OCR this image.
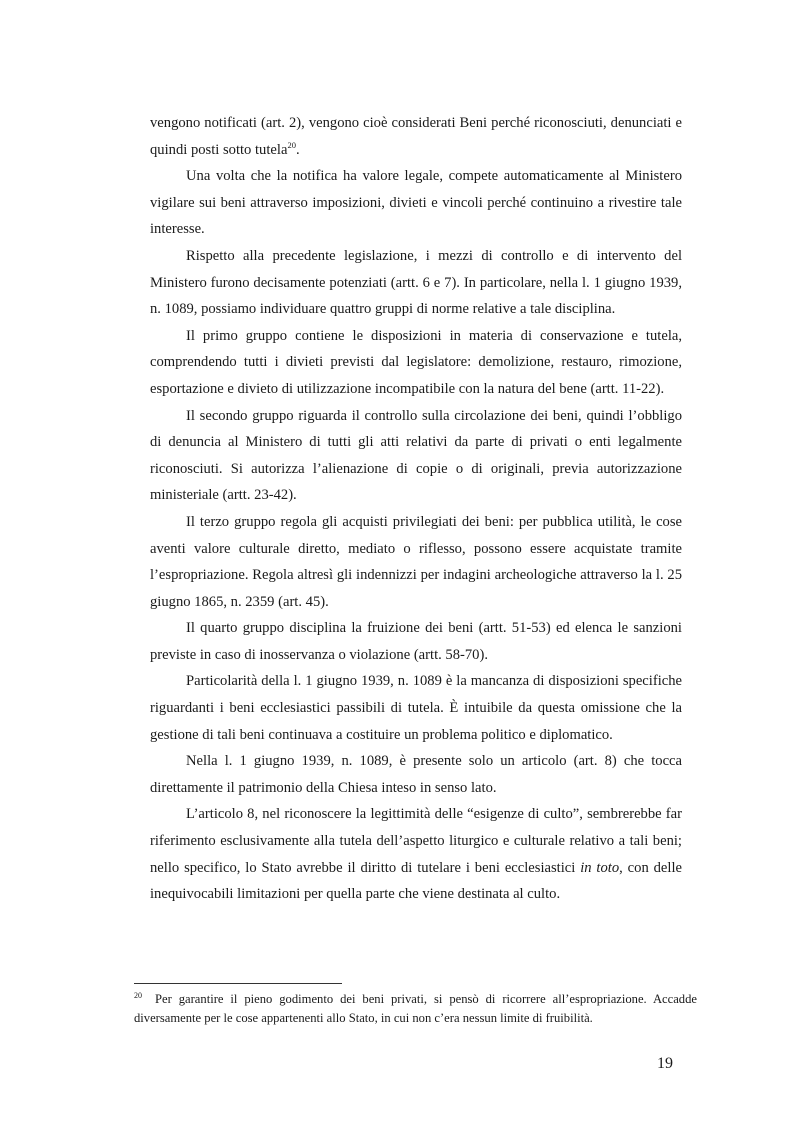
vengono notificati (art. 2), vengono cioè considerati Beni perché riconosciuti, denunciati e quindi posti sotto tutela$^{20}$.

Una volta che la notifica ha valore legale, compete automaticamente al Ministero vigilare sui beni attraverso imposizioni, divieti e vincoli perché continuino a rivestire tale interesse.

Rispetto alla precedente legislazione, i mezzi di controllo e di intervento del Ministero furono decisamente potenziati (artt. 6 e 7). In particolare, nella l. 1 giugno 1939, n. 1089, possiamo individuare quattro gruppi di norme relative a tale disciplina.

Il primo gruppo contiene le disposizioni in materia di conservazione e tutela, comprendendo tutti i divieti previsti dal legislatore: demolizione, restauro, rimozione, esportazione e divieto di utilizzazione incompatibile con la natura del bene (artt. 11-22).

Il secondo gruppo riguarda il controllo sulla circolazione dei beni, quindi l’obbligo di denuncia al Ministero di tutti gli atti relativi da parte di privati o enti legalmente riconosciuti. Si autorizza l’alienazione di copie o di originali, previa autorizzazione ministeriale (artt. 23-42).

Il terzo gruppo regola gli acquisti privilegiati dei beni: per pubblica utilità, le cose aventi valore culturale diretto, mediato o riflesso, possono essere acquistate tramite l’espropriazione. Regola altresì gli indennizzi per indagini archeologiche attraverso la l. 25 giugno 1865, n. 2359 (art. 45).

Il quarto gruppo disciplina la fruizione dei beni (artt. 51-53) ed elenca le sanzioni previste in caso di inosservanza o violazione (artt. 58-70).

Particolarità della l. 1 giugno 1939, n. 1089 è la mancanza di disposizioni specifiche riguardanti i beni ecclesiastici passibili di tutela. È intuibile da questa omissione che la gestione di tali beni continuava a costituire un problema politico e diplomatico.

Nella l. 1 giugno 1939, n. 1089, è presente solo un articolo (art. 8) che tocca direttamente il patrimonio della Chiesa inteso in senso lato.

L’articolo 8, nel riconoscere la legittimità delle “esigenze di culto”, sembrerebbe far riferimento esclusivamente alla tutela dell’aspetto liturgico e culturale relativo a tali beni; nello specifico, lo Stato avrebbe il diritto di tutelare i beni ecclesiastici in toto, con delle inequivocabili limitazioni per quella parte che viene destinata al culto.

$^{20}$ Per garantire il pieno godimento dei beni privati, si pensò di ricorrere all’espropriazione. Accadde diversamente per le cose appartenenti allo Stato, in cui non c’era nessun limite di fruibilità.
19
